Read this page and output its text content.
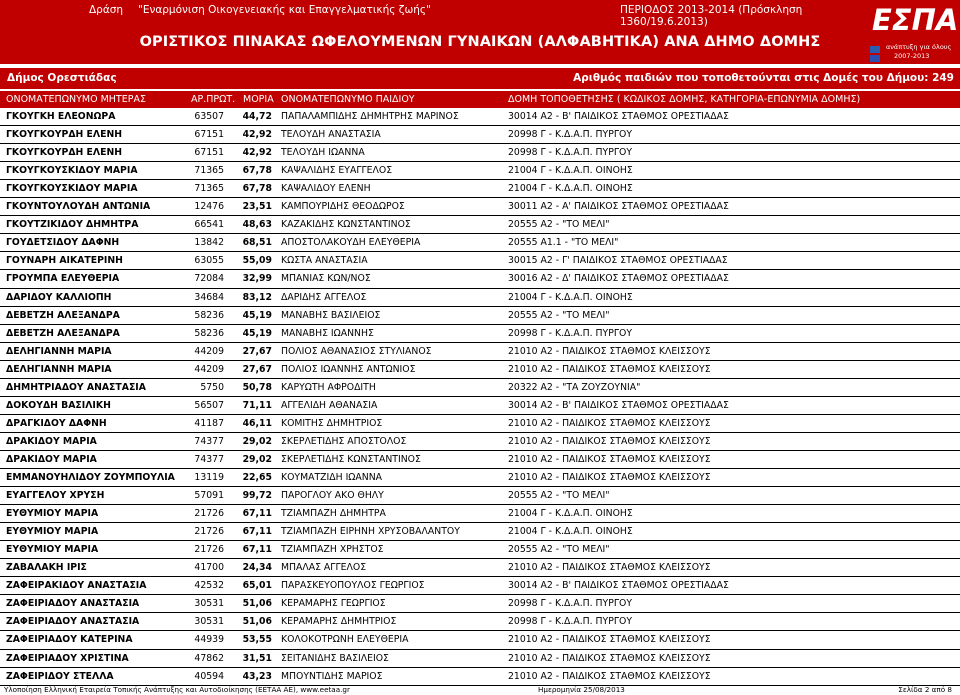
Δράση "Εναρμόνιση Οικογενειακής και Επαγγελματικής ζωής"	ΠΕΡΙΟΔΟΣ 2013-2014 (Πρόσκληση 1360/19.6.2013)
ΟΡΙΣΤΙΚΟΣ ΠΙΝΑΚΑΣ ΩΦΕΛΟΥΜΕΝΩΝ ΓΥΝΑΙΚΩΝ (ΑΛΦΑΒΗΤΙΚΑ) ΑΝΑ ΔΗΜΟ ΔΟΜΗΣ
ΕΣΠΑ
ανάπτυξη για όλους
2007-2013
Δήμος Ορεστιάδας	Αριθμός παιδιών που τοποθετούνται στις Δομές του Δήμου: 249
ΟΝΟΜΑΤΕΠΩΝΥΜΟ ΜΗΤΕΡΑΣ	ΑΡ.ΠΡΩΤ. ΜΟΡΙΑ ΟΝΟΜΑΤΕΠΩΝΥΜΟ ΠΑΙΔΙΟΥ	ΔΟΜΗ ΤΟΠΟΘΕΤΗΣΗΣ ( ΚΩΔΙΚΟΣ ΔΟΜΗΣ, ΚΑΤΗΓΟΡΙΑ-ΕΠΩΝΥΜΙΑ ΔΟΜΗΣ)
ΓΚΟΥΓΚΗ ΕΛΕΟΝΩΡΑ	63507	44,72 ΠΑΠΑΛΑΜΠΙΔΗΣ ΔΗΜΗΤΡΗΣ ΜΑΡΙΝΟΣ	30014 Α2 - Β' ΠΑΙΔΙΚΟΣ ΣΤΑΘΜΟΣ ΟΡΕΣΤΙΑΔΑΣ
ΓΚΟΥΓΚΟΥΡΔΗ ΕΛΕΝΗ	67151	42,92 ΤΕΛΟΥΔΗ ΑΝΑΣΤΑΣΙΑ	20998 Γ - Κ.Δ.Α.Π. ΠΥΡΓΟΥ
ΓΚΟΥΓΚΟΥΡΔΗ ΕΛΕΝΗ	67151	42,92 ΤΕΛΟΥΔΗ ΙΩΑΝΝΑ	20998 Γ - Κ.Δ.Α.Π. ΠΥΡΓΟΥ
ΓΚΟΥΓΚΟΥΣΚΙΔΟΥ ΜΑΡΙΑ	71365	67,78 ΚΑΨΑΛΙΔΗΣ ΕΥΑΓΓΕΛΟΣ	21004 Γ - Κ.Δ.Α.Π. ΟΙΝΟΗΣ
ΓΚΟΥΓΚΟΥΣΚΙΔΟΥ ΜΑΡΙΑ	71365	67,78 ΚΑΨΑΛΙΔΟΥ ΕΛΕΝΗ	21004 Γ - Κ.Δ.Α.Π. ΟΙΝΟΗΣ
ΓΚΟΥΝΤΟΥΛΟΥΔΗ ΑΝΤΩΝΙΑ	12476	23,51 ΚΑΜΠΟΥΡΙΔΗΣ ΘΕΟΔΩΡΟΣ	30011 Α2 - Α' ΠΑΙΔΙΚΟΣ ΣΤΑΘΜΟΣ ΟΡΕΣΤΙΑΔΑΣ
ΓΚΟΥΤΖΙΚΙΔΟΥ ΔΗΜΗΤΡΑ	66541	48,63 ΚΑΖΑΚΙΔΗΣ ΚΩΝΣΤΑΝΤΙΝΟΣ	20555 Α2 - "ΤΟ ΜΕΛΙ"
ΓΟΥΔΕΤΣΙΔΟΥ ΔΑΦΝΗ	13842	68,51 ΑΠΟΣΤΟΛΑΚΟΥΔΗ ΕΛΕΥΘΕΡΙΑ	20555 Α1.1 - "ΤΟ ΜΕΛΙ"
ΓΟΥΝΑΡΗ ΑΙΚΑΤΕΡΙΝΗ	63055	55,09 ΚΩΣΤΑ ΑΝΑΣΤΑΣΙΑ	30015 Α2 - Γ' ΠΑΙΔΙΚΟΣ ΣΤΑΘΜΟΣ ΟΡΕΣΤΙΑΔΑΣ
ΓΡΟΥΜΠΑ ΕΛΕΥΘΕΡΙΑ	72084	32,99 ΜΠΑΝΙΑΣ ΚΩΝ/ΝΟΣ	30016 Α2 - Δ' ΠΑΙΔΙΚΟΣ ΣΤΑΘΜΟΣ ΟΡΕΣΤΙΑΔΑΣ
ΔΑΡΙΔΟΥ ΚΑΛΛΙΟΠΗ	34684	83,12 ΔΑΡΙΔΗΣ ΑΓΓΕΛΟΣ	21004 Γ - Κ.Δ.Α.Π. ΟΙΝΟΗΣ
ΔΕΒΕΤΖΗ ΑΛΕΞΑΝΔΡΑ	58236	45,19 ΜΑΝΑΒΗΣ ΒΑΣΙΛΕΙΟΣ	20555 Α2 - "ΤΟ ΜΕΛΙ"
ΔΕΒΕΤΖΗ ΑΛΕΞΑΝΔΡΑ	58236	45,19 ΜΑΝΑΒΗΣ ΙΩΑΝΝΗΣ	20998 Γ - Κ.Δ.Α.Π. ΠΥΡΓΟΥ
ΔΕΛΗΓΙΑΝΝΗ ΜΑΡΙΑ	44209	27,67 ΠΟΛΙΟΣ ΑΘΑΝΑΣΙΟΣ ΣΤΥΛΙΑΝΟΣ	21010 Α2 - ΠΑΙΔΙΚΟΣ ΣΤΑΘΜΟΣ ΚΛΕΙΣΣΟΥΣ
ΔΕΛΗΓΙΑΝΝΗ ΜΑΡΙΑ	44209	27,67 ΠΟΛΙΟΣ ΙΩΑΝΝΗΣ ΑΝΤΩΝΙΟΣ	21010 Α2 - ΠΑΙΔΙΚΟΣ ΣΤΑΘΜΟΣ ΚΛΕΙΣΣΟΥΣ
ΔΗΜΗΤΡΙΑΔΟΥ ΑΝΑΣΤΑΣΙΑ	5750	50,78 ΚΑΡΥΩΤΗ ΑΦΡΟΔΙΤΗ	20322 Α2 - "ΤΑ ΖΟΥΖΟΥΝΙΑ"
ΔΟΚΟΥΔΗ ΒΑΣΙΛΙΚΗ	56507	71,11 ΑΓΓΕΛΙΔΗ ΑΘΑΝΑΣΙΑ	30014 Α2 - Β' ΠΑΙΔΙΚΟΣ ΣΤΑΘΜΟΣ ΟΡΕΣΤΙΑΔΑΣ
ΔΡΑΓΚΙΔΟΥ ΔΑΦΝΗ	41187	46,11 ΚΟΜΙΤΗΣ ΔΗΜΗΤΡΙΟΣ	21010 Α2 - ΠΑΙΔΙΚΟΣ ΣΤΑΘΜΟΣ ΚΛΕΙΣΣΟΥΣ
ΔΡΑΚΙΔΟΥ ΜΑΡΙΑ	74377	29,02 ΣΚΕΡΛΕΤΙΔΗΣ ΑΠΟΣΤΟΛΟΣ	21010 Α2 - ΠΑΙΔΙΚΟΣ ΣΤΑΘΜΟΣ ΚΛΕΙΣΣΟΥΣ
ΔΡΑΚΙΔΟΥ ΜΑΡΙΑ	74377	29,02 ΣΚΕΡΛΕΤΙΔΗΣ ΚΩΝΣΤΑΝΤΙΝΟΣ	21010 Α2 - ΠΑΙΔΙΚΟΣ ΣΤΑΘΜΟΣ ΚΛΕΙΣΣΟΥΣ
ΕΜΜΑΝΟΥΗΛΙΔΟΥ ΖΟΥΜΠΟΥΛΙΑ	13119	22,65 ΚΟΥΜΑΤΖΙΔΗ ΙΩΑΝΝΑ	21010 Α2 - ΠΑΙΔΙΚΟΣ ΣΤΑΘΜΟΣ ΚΛΕΙΣΣΟΥΣ
ΕΥΑΓΓΕΛΟΥ ΧΡΥΣΗ	57091	99,72 ΠΑΡΟΓΛΟΥ ΑΚΟ ΘΗΛΥ	20555 Α2 - "ΤΟ ΜΕΛΙ"
ΕΥΘΥΜΙΟΥ ΜΑΡΙΑ	21726	67,11 ΤΖΙΑΜΠΑΖΗ ΔΗΜΗΤΡΑ	21004 Γ - Κ.Δ.Α.Π. ΟΙΝΟΗΣ
ΕΥΘΥΜΙΟΥ ΜΑΡΙΑ	21726	67,11 ΤΖΙΑΜΠΑΖΗ ΕΙΡΗΝΗ ΧΡΥΣΟΒΑΛΑΝΤΟΥ	21004 Γ - Κ.Δ.Α.Π. ΟΙΝΟΗΣ
ΕΥΘΥΜΙΟΥ ΜΑΡΙΑ	21726	67,11 ΤΖΙΑΜΠΑΖΗ ΧΡΗΣΤΟΣ	20555 Α2 - "ΤΟ ΜΕΛΙ"
ΖΑΒΑΛΑΚΗ ΙΡΙΣ	41700	24,34 ΜΠΑΛΑΣ ΑΓΓΕΛΟΣ	21010 Α2 - ΠΑΙΔΙΚΟΣ ΣΤΑΘΜΟΣ ΚΛΕΙΣΣΟΥΣ
ΖΑΦΕΙΡΑΚΙΔΟΥ ΑΝΑΣΤΑΣΙΑ	42532	65,01 ΠΑΡΑΣΚΕΥΟΠΟΥΛΟΣ ΓΕΩΡΓΙΟΣ	30014 Α2 - Β' ΠΑΙΔΙΚΟΣ ΣΤΑΘΜΟΣ ΟΡΕΣΤΙΑΔΑΣ
ΖΑΦΕΙΡΙΑΔΟΥ ΑΝΑΣΤΑΣΙΑ	30531	51,06 ΚΕΡΑΜΑΡΗΣ ΓΕΩΡΓΙΟΣ	20998 Γ - Κ.Δ.Α.Π. ΠΥΡΓΟΥ
ΖΑΦΕΙΡΙΑΔΟΥ ΑΝΑΣΤΑΣΙΑ	30531	51,06 ΚΕΡΑΜΑΡΗΣ ΔΗΜΗΤΡΙΟΣ	20998 Γ - Κ.Δ.Α.Π. ΠΥΡΓΟΥ
ΖΑΦΕΙΡΙΑΔΟΥ ΚΑΤΕΡΙΝΑ	44939	53,55 ΚΟΛΟΚΟΤΡΩΝΗ ΕΛΕΥΘΕΡΙΑ	21010 Α2 - ΠΑΙΔΙΚΟΣ ΣΤΑΘΜΟΣ ΚΛΕΙΣΣΟΥΣ
ΖΑΦΕΙΡΙΑΔΟΥ ΧΡΙΣΤΙΝΑ	47862	31,51 ΣΕΙΤΑΝΙΔΗΣ ΒΑΣΙΛΕΙΟΣ	21010 Α2 - ΠΑΙΔΙΚΟΣ ΣΤΑΘΜΟΣ ΚΛΕΙΣΣΟΥΣ
ΖΑΦΕΙΡΙΔΟΥ ΣΤΕΛΛΑ	40594	43,23 ΜΠΟΥΝΤΙΔΗΣ ΜΑΡΙΟΣ	21010 Α2 - ΠΑΙΔΙΚΟΣ ΣΤΑΘΜΟΣ ΚΛΕΙΣΣΟΥΣ
Υλοποίηση Ελληνική Εταιρεία Τοπικής Ανάπτυξης και Αυτοδιοίκησης (ΕΕΤΑΑ ΑΕ), www.eetaa.gr	Ημερομηνία 25/08/2013	Σελίδα 2 από 8
